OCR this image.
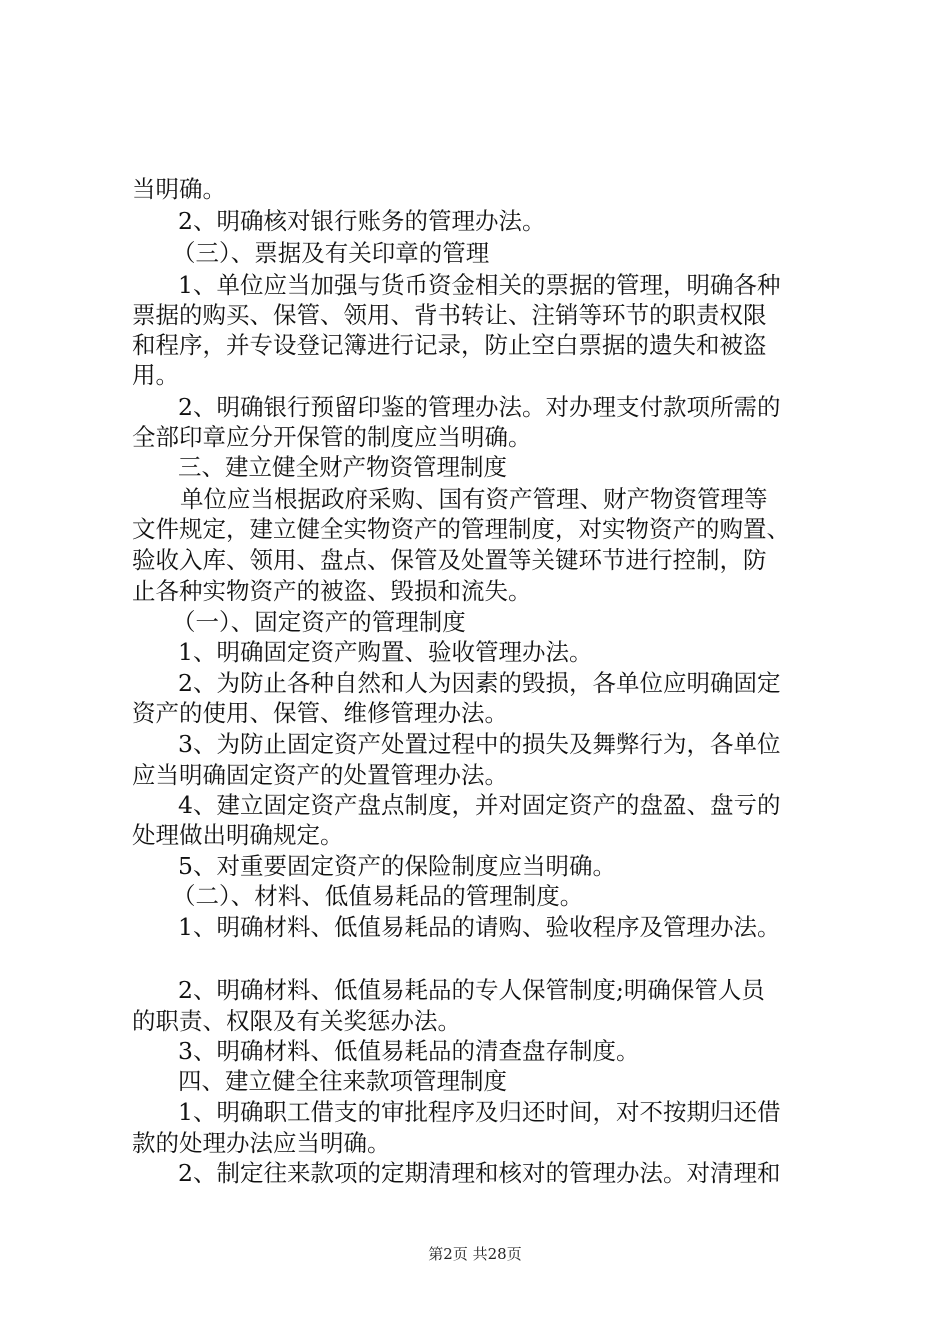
当明确。
2、明确核对银行账务的管理办法。
（三）、票据及有关印章的管理
1、单位应当加强与货币资金相关的票据的管理，明确各种
票据的购买、保管、领用、背书转让、注销等环节的职责权限
和程序，并专设登记簿进行记录，防止空白票据的遗失和被盗
用。
2、明确银行预留印鉴的管理办法。对办理支付款项所需的
全部印章应分开保管的制度应当明确。
三、建立健全财产物资管理制度
单位应当根据政府采购、国有资产管理、财产物资管理等
文件规定，建立健全实物资产的管理制度，对实物资产的购置、
验收入库、领用、盘点、保管及处置等关键环节进行控制，防
止各种实物资产的被盗、毁损和流失。
（一）、固定资产的管理制度
1、明确固定资产购置、验收管理办法。
2、为防止各种自然和人为因素的毁损，各单位应明确固定
资产的使用、保管、维修管理办法。
3、为防止固定资产处置过程中的损失及舞弊行为，各单位
应当明确固定资产的处置管理办法。
4、建立固定资产盘点制度，并对固定资产的盘盈、盘亏的
处理做出明确规定。
5、对重要固定资产的保险制度应当明确。
（二）、材料、低值易耗品的管理制度。
1、明确材料、低值易耗品的请购、验收程序及管理办法。
2、明确材料、低值易耗品的专人保管制度;明确保管人员
的职责、权限及有关奖惩办法。
3、明确材料、低值易耗品的清查盘存制度。
四、建立健全往来款项管理制度
1、明确职工借支的审批程序及归还时间，对不按期归还借
款的处理办法应当明确。
2、制定往来款项的定期清理和核对的管理办法。对清理和
第2页 共28页
